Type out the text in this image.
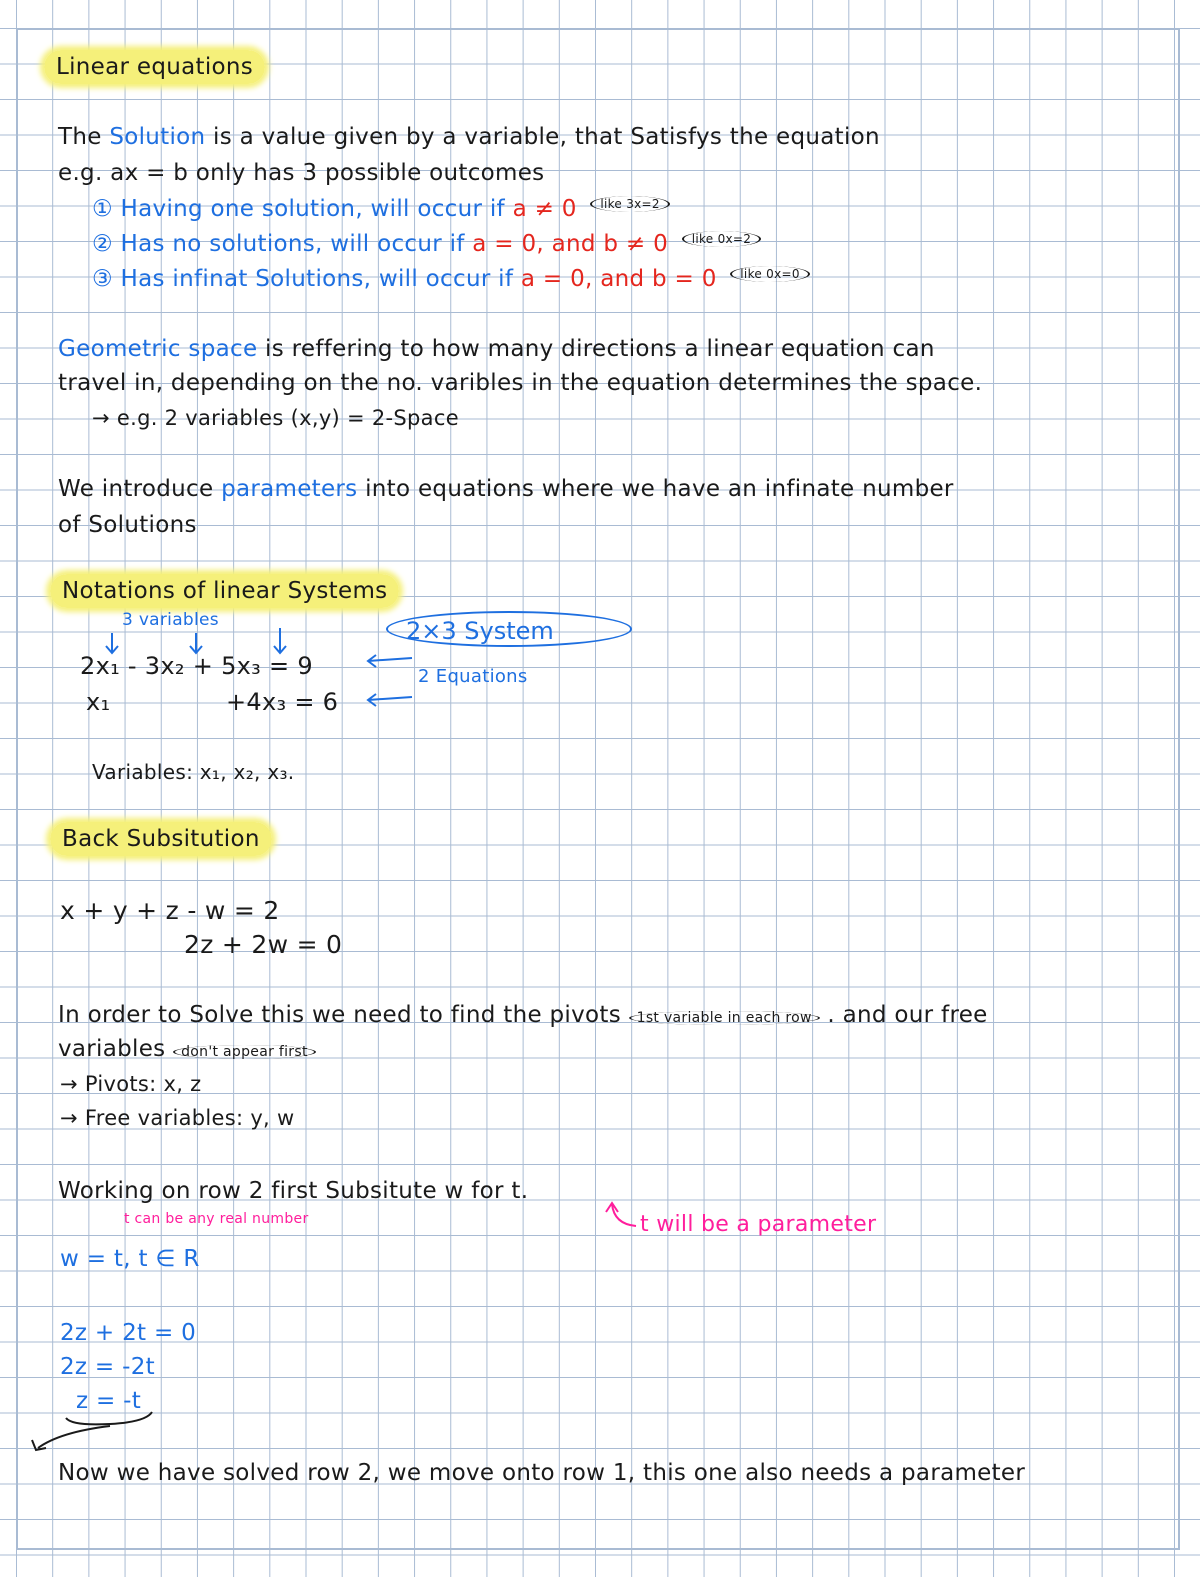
Linear equations
The Solution is a value given by a variable, that Satisfys the equation
e.g. ax = b only has 3 possible outcomes
① Having one solution, will occur if a ≠ 0 like 3x=2
② Has no solutions, will occur if a = 0, and b ≠ 0 like 0x=2
③ Has infinat Solutions, will occur if a = 0, and b = 0 like 0x=0
Geometric space is reffering to how many directions a linear equation can
travel in, depending on the no. varibles in the equation determines the space.
→ e.g. 2 variables (x,y) = 2-Space
We introduce parameters into equations where we have an infinate number
of Solutions
Notations of linear Systems
3 variables	2×3 System
2x₁ - 3x₂ + 5x₃ = 9
x₁	+4x₃ = 6
2 Equations
Variables: x₁, x₂, x₃.
Back Subsitution
x + y + z - w = 2
2z + 2w = 0
In order to Solve this we need to find the pivots 1st variable in each row . and our free
variables don't appear first
→ Pivots: x, z
→ Free variables: y, w
Working on row 2 first Subsitute w for t.
t can be any real number	t will be a parameter
w = t, t ∈ R
2z + 2t = 0
2z = -2t
z = -t
Now we have solved row 2, we move onto row 1, this one also needs a parameter
